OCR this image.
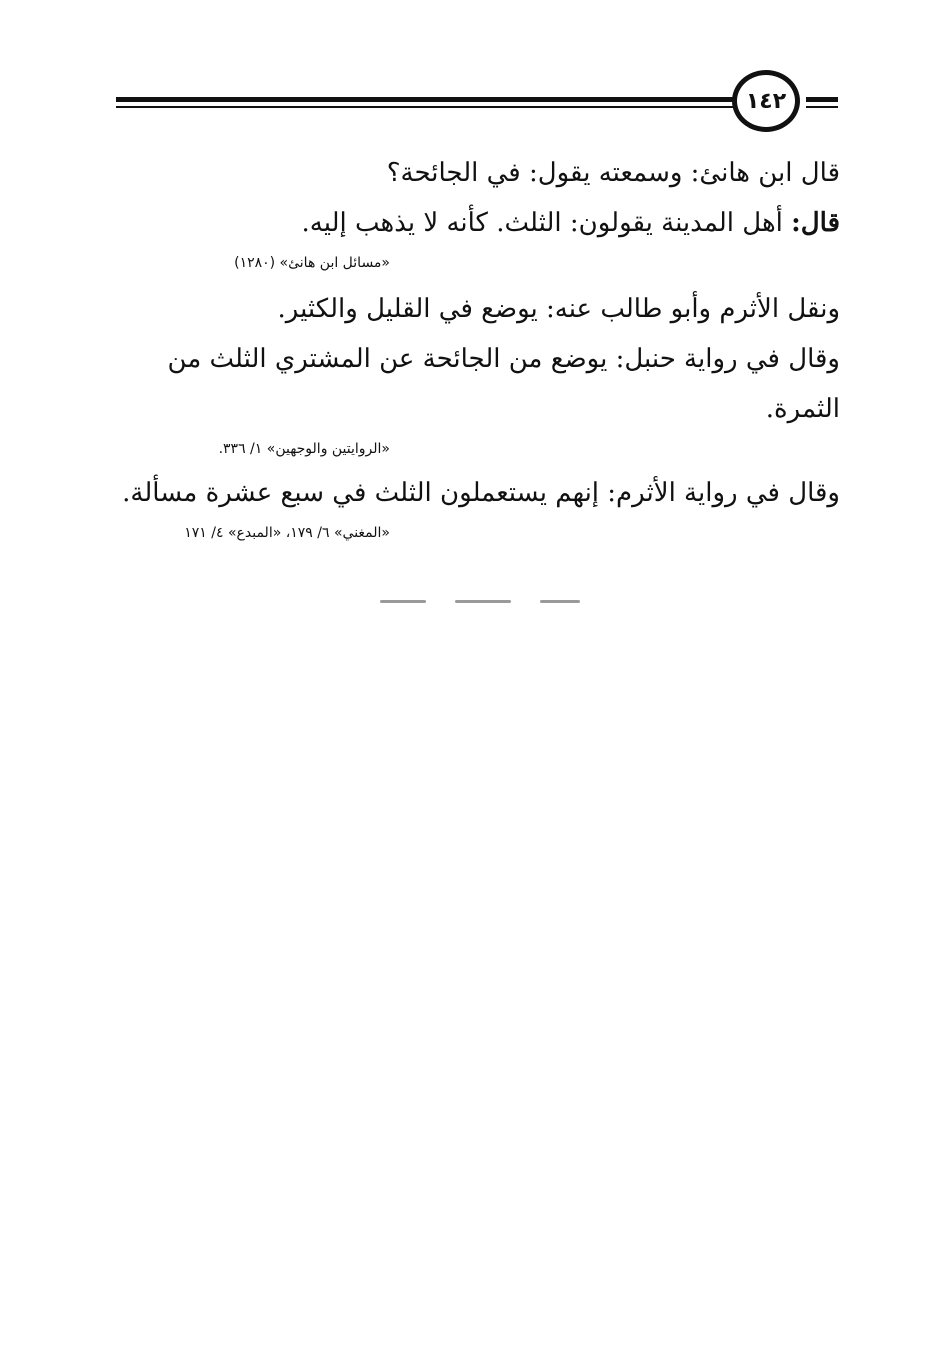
١٤٢
قال ابن هانئ: وسمعته يقول: في الجائحة؟
قال: أهل المدينة يقولون: الثلث. كأنه لا يذهب إليه.
«مسائل ابن هانئ» (١٢٨٠)
ونقل الأثرم وأبو طالب عنه: يوضع في القليل والكثير.
وقال في رواية حنبل: يوضع من الجائحة عن المشتري الثلث من
الثمرة.
«الروايتين والوجهين» ١/ ٣٣٦.
وقال في رواية الأثرم: إنهم يستعملون الثلث في سبع عشرة مسألة.
«المغني» ٦/ ١٧٩، «المبدع» ٤/ ١٧١
